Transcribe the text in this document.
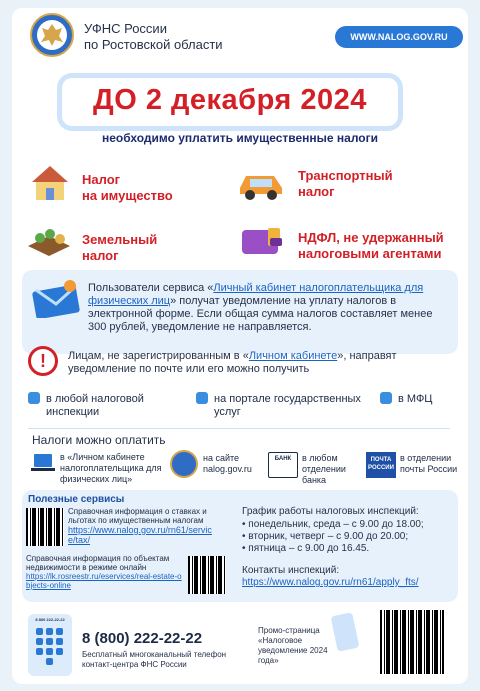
УФНС России
по Ростовской области	WWW.NALOG.GOV.RU
ДО 2 декабря 2024
необходимо уплатить имущественные налоги
Налог
на имущество
Транспортный
налог
Земельный
налог
НДФЛ, не удержанный
налоговыми агентами
Пользователи сервиса «Личный кабинет налогоплательщика для физических лиц» получат уведомление на уплату налогов в электронной форме. Если общая сумма налогов составляет менее 300 рублей, уведомление не направляется.
!	Лицам, не зарегистрированным в «Личном кабинете», направят уведомление по почте или его можно получить
в любой налоговой инспекции
на портале государственных услуг
в МФЦ
Налоги можно оплатить
в «Личном кабинете налогоплательщика для физических лиц»
на сайте nalog.gov.ru
БАНК	в любом отделении банка
ПОЧТА РОССИИ
в отделении почты России
Полезные сервисы
Справочная информация о ставках и льготах по имущественным налогам
https://www.nalog.gov.ru/rn61/service/tax/
Справочная информация по объектам недвижимости в режиме онлайн
https://lk.rosreestr.ru/eservices/real-estate-objects-online
График работы налоговых инспекций:
• понедельник, среда – с 9.00 до 18.00;
• вторник, четверг – с 9.00 до 20.00;
• пятница – с 9.00 до 16.45.
Контакты инспекций:
https://www.nalog.gov.ru/rn61/apply_fts/
8 800 222-22-22
8 (800) 222-22-22
Бесплатный многоканальный телефон контакт-центра ФНС России
Промо-страница «Налоговое уведомление 2024 года»
